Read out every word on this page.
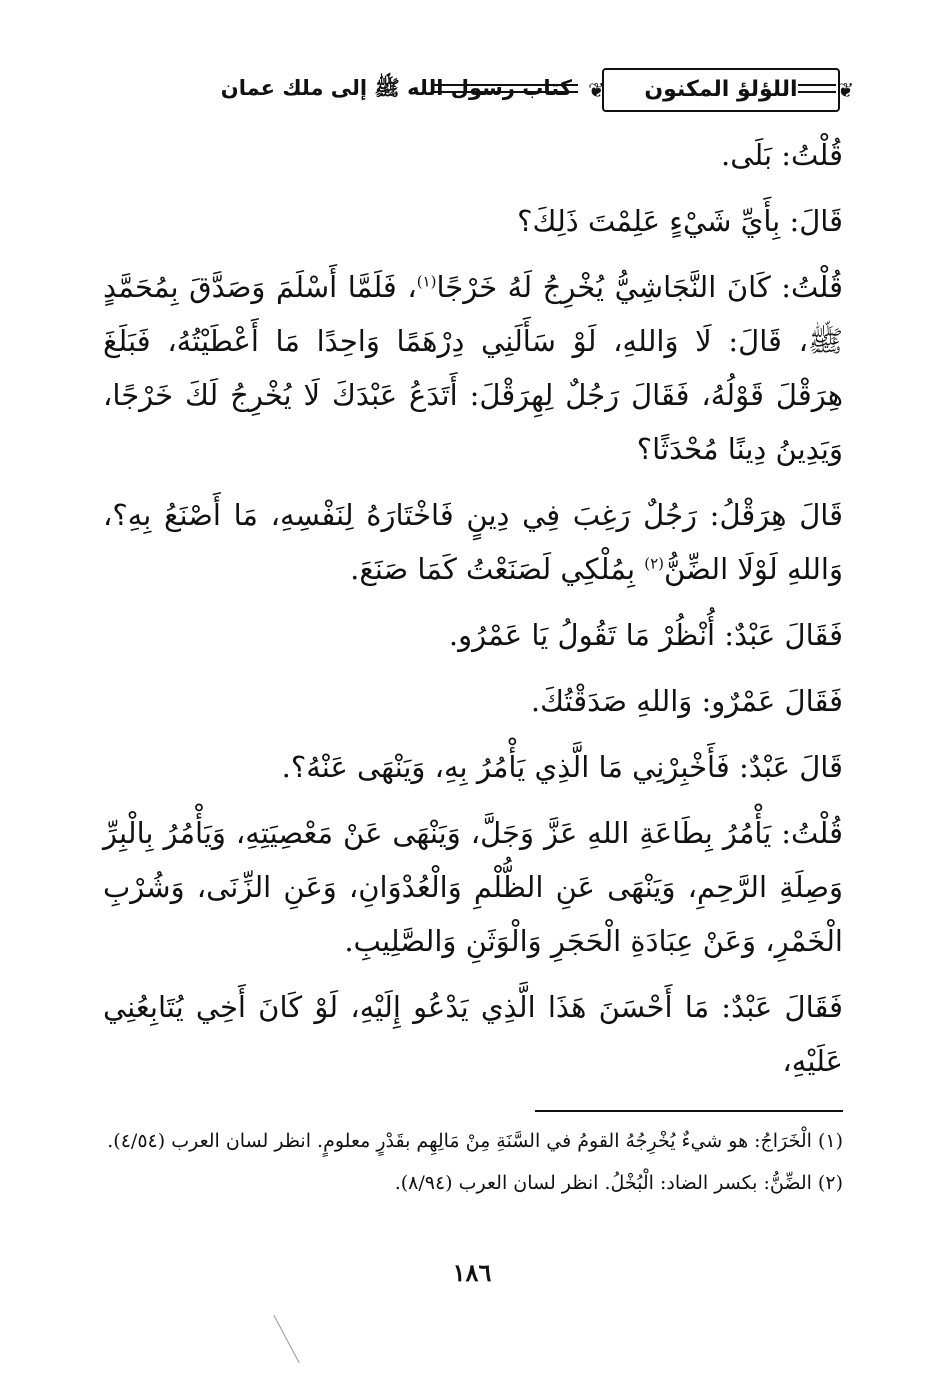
❦
اللؤلؤ المكنون
❦
كتاب رسول الله ﷺ إلى ملك عمان

قُلْتُ: بَلَى.

قَالَ: بِأَيِّ شَيْءٍ عَلِمْتَ ذَلِكَ؟

قُلْتُ: كَانَ النَّجَاشِيُّ يُخْرِجُ لَهُ خَرْجًا$^{(١)}$، فَلَمَّا أَسْلَمَ وَصَدَّقَ بِمُحَمَّدٍ ﷺ، قَالَ: لَا وَاللهِ، لَوْ سَأَلَنِي دِرْهَمًا وَاحِدًا مَا أَعْطَيْتُهُ، فَبَلَغَ هِرَقْلَ قَوْلُهُ، فَقَالَ رَجُلٌ لِهِرَقْلَ: أَتَدَعُ عَبْدَكَ لَا يُخْرِجُ لَكَ خَرْجًا، وَيَدِينُ دِينًا مُحْدَثًا؟

قَالَ هِرَقْلُ: رَجُلٌ رَغِبَ فِي دِينٍ فَاخْتَارَهُ لِنَفْسِهِ، مَا أَصْنَعُ بِهِ؟، وَاللهِ لَوْلَا الضِّنُّ$^{(٢)}$ بِمُلْكِي لَصَنَعْتُ كَمَا صَنَعَ.

فَقَالَ عَبْدٌ: أُنْظُرْ مَا تَقُولُ يَا عَمْرُو.

فَقَالَ عَمْرٌو: وَاللهِ صَدَقْتُكَ.

قَالَ عَبْدٌ: فَأَخْبِرْنِي مَا الَّذِي يَأْمُرُ بِهِ، وَيَنْهَى عَنْهُ؟.

قُلْتُ: يَأْمُرُ بِطَاعَةِ اللهِ عَزَّ وَجَلَّ، وَيَنْهَى عَنْ مَعْصِيَتِهِ، وَيَأْمُرُ بِالْبِرِّ وَصِلَةِ الرَّحِمِ، وَيَنْهَى عَنِ الظُّلْمِ وَالْعُدْوَانِ، وَعَنِ الزِّنَى، وَشُرْبِ الْخَمْرِ، وَعَنْ عِبَادَةِ الْحَجَرِ وَالْوَثَنِ وَالصَّلِيبِ.

فَقَالَ عَبْدٌ: مَا أَحْسَنَ هَذَا الَّذِي يَدْعُو إِلَيْهِ، لَوْ كَانَ أَخِي يُتَابِعُنِي عَلَيْهِ،

(١) الْخَرَاجُ: هو شيءٌ يُخْرِجُهُ القومُ في السَّنَةِ مِنْ مَالِهِم بقَدْرٍ معلومٍ. انظر لسان العرب (٤/٥٤).

(٢) الضِّنُّ: بكسر الضاد: الْبُخْلُ. انظر لسان العرب (٨/٩٤).

١٨٦
